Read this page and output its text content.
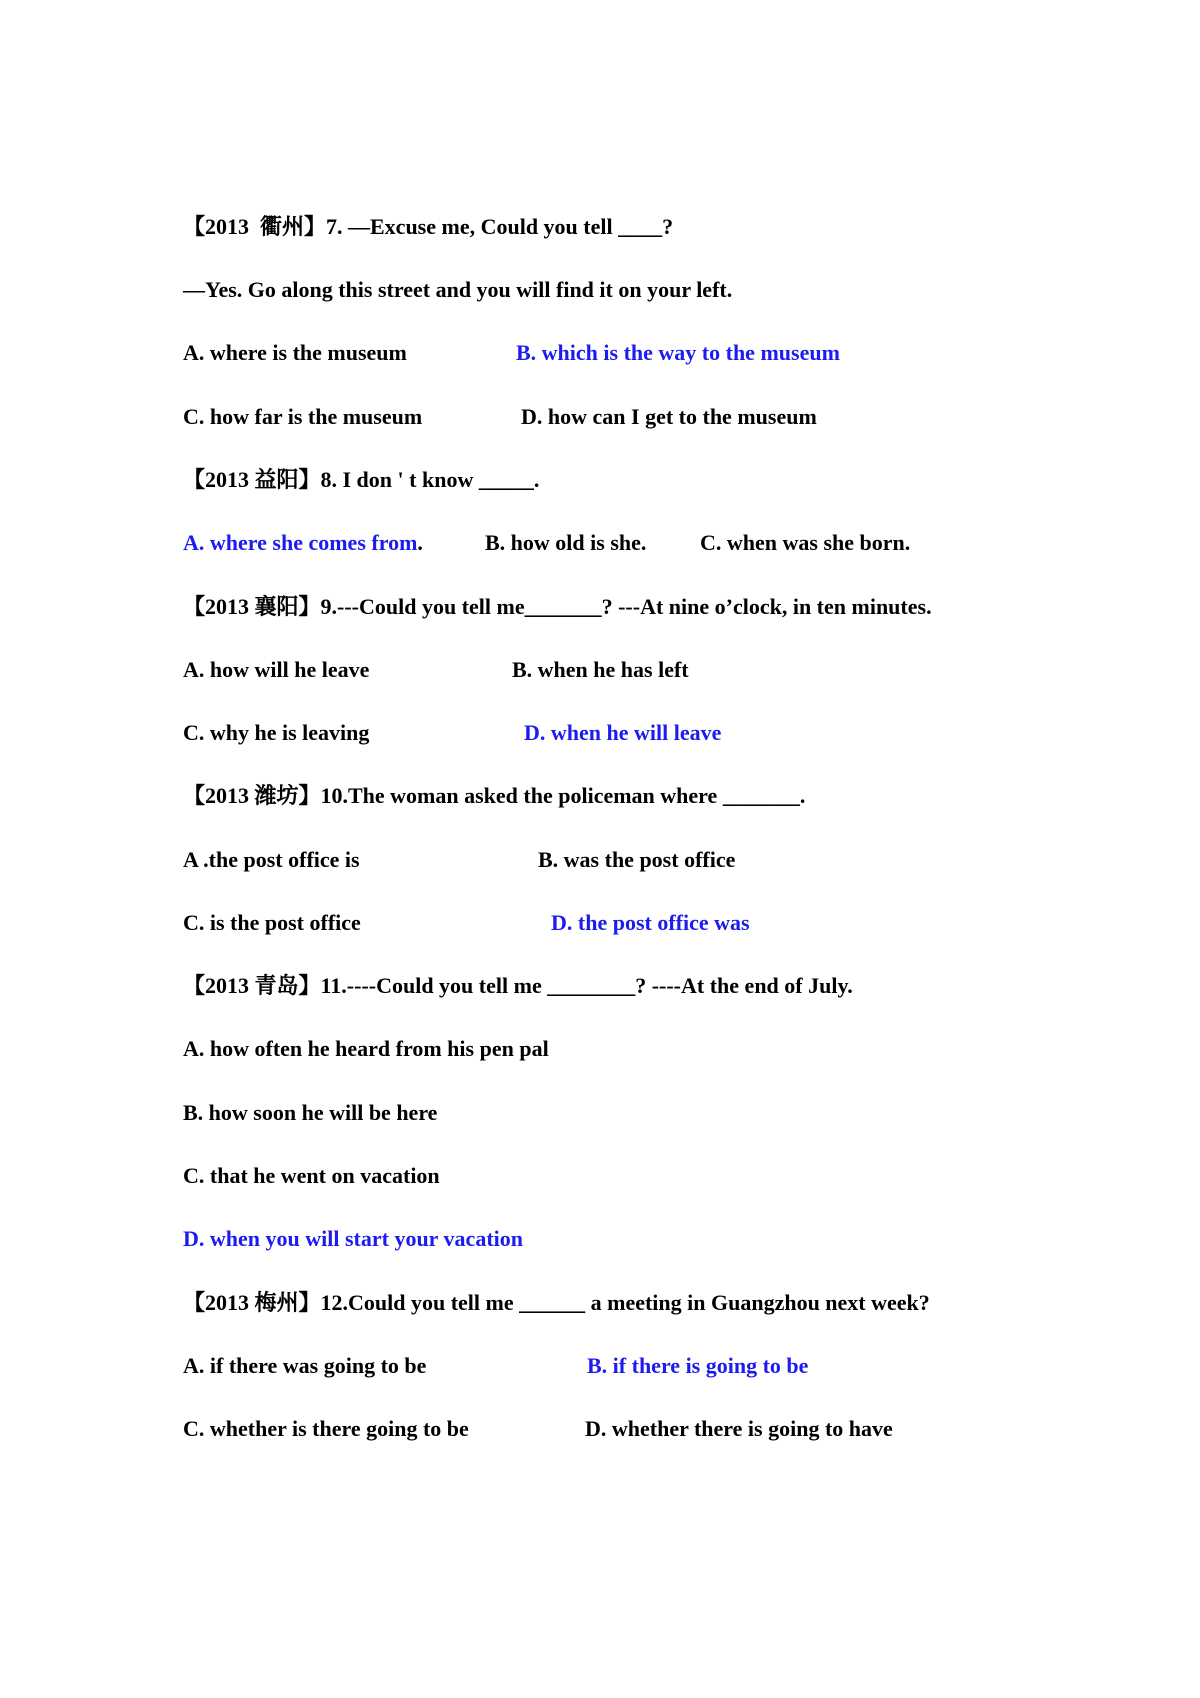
【2013  衢州】7. —Excuse me, Could you tell ____?
—Yes. Go along this street and you will find it on your left.
A. where is the museum	B. which is the way to the museum
C. how far is the museum	D. how can I get to the museum
【2013 益阳】8. I don ' t know _____.
A. where she comes from.	B. how old is she. C. when was she born.
【2013 襄阳】9.---Could you tell me_______? ---At nine o’clock, in ten minutes.
A. how will he leave	B. when he has left
C. why he is leaving	D. when he will leave
【2013 潍坊】10.The woman asked the policeman where _______.
A .the post office is	B. was the post office
C. is the post office	D. the post office was
【2013 青岛】11.----Could you tell me ________? ----At the end of July.
A. how often he heard from his pen pal
B. how soon he will be here
C. that he went on vacation
D. when you will start your vacation
【2013 梅州】12.Could you tell me ______ a meeting in Guangzhou next week?
A. if there was going to be	B. if there is going to be
C. whether is there going to be	D. whether there is going to have
